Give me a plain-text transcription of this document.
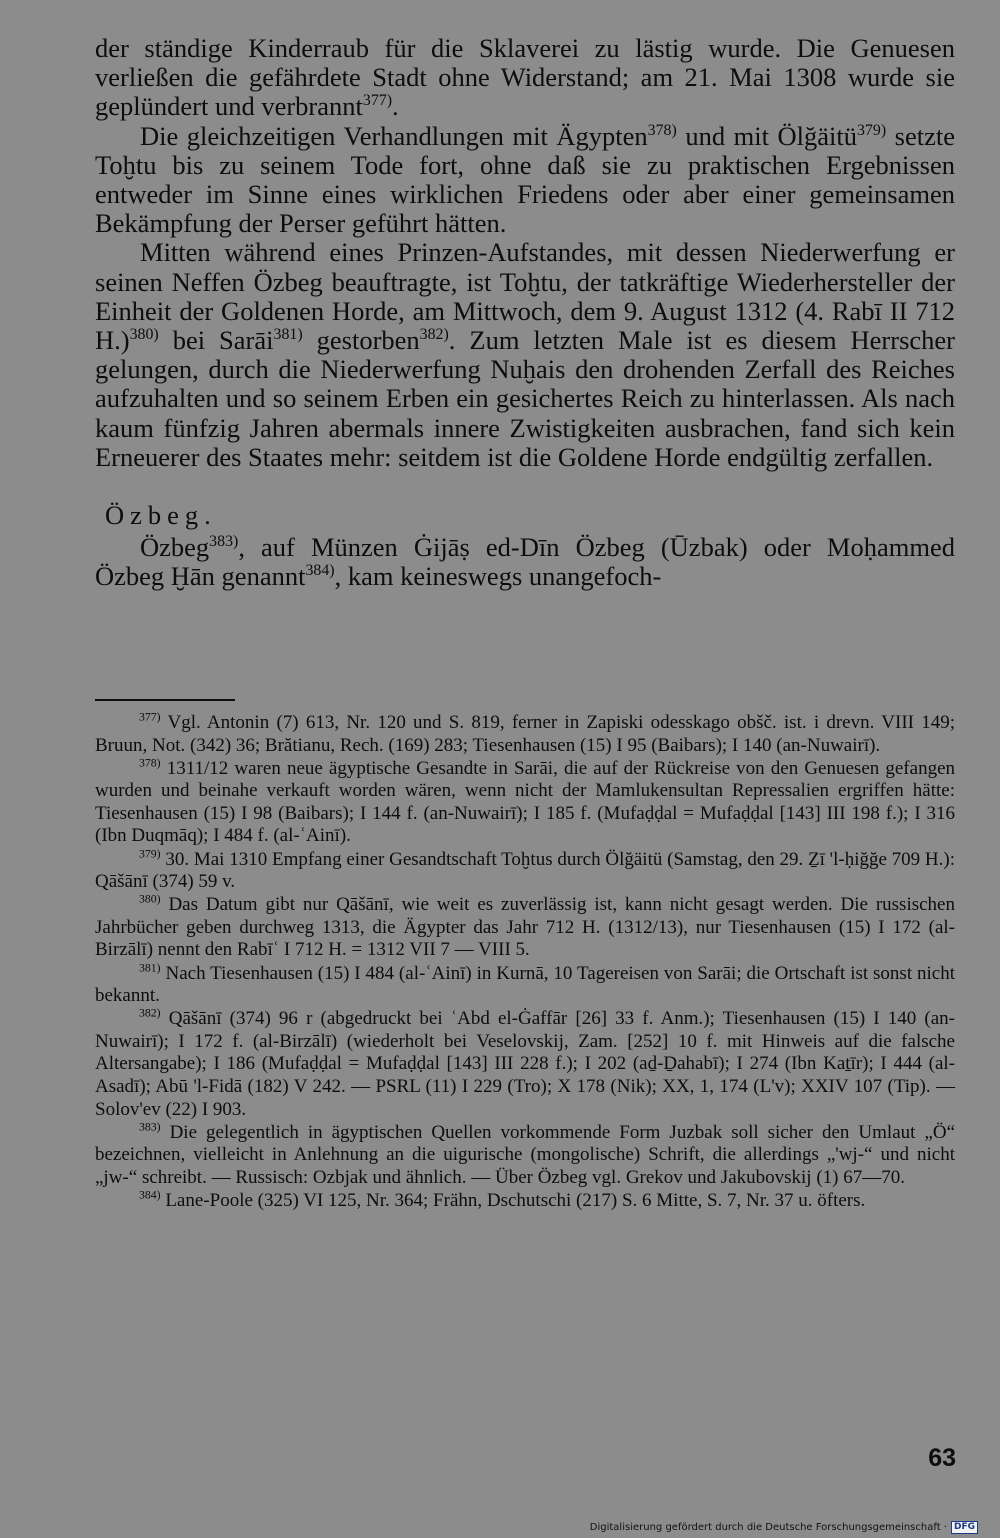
der ständige Kinderraub für die Sklaverei zu lästig wurde. Die Genuesen verließen die gefährdete Stadt ohne Widerstand; am 21. Mai 1308 wurde sie geplündert und verbrannt$^{377)}$.

Die gleichzeitigen Verhandlungen mit Ägypten$^{378)}$ und mit Ölğäitü$^{379)}$ setzte Toḫtu bis zu seinem Tode fort, ohne daß sie zu praktischen Ergebnissen entweder im Sinne eines wirklichen Friedens oder aber einer gemeinsamen Bekämpfung der Perser geführt hätten.

Mitten während eines Prinzen-Aufstandes, mit dessen Niederwerfung er seinen Neffen Özbeg beauftragte, ist Toḫtu, der tatkräftige Wiederhersteller der Einheit der Goldenen Horde, am Mittwoch, dem 9. August 1312 (4. Rabī II 712 H.)$^{380)}$ bei Sarāi$^{381)}$ gestorben$^{382)}$. Zum letzten Male ist es diesem Herrscher gelungen, durch die Niederwerfung Nuḫais den drohenden Zerfall des Reiches aufzuhalten und so seinem Erben ein gesichertes Reich zu hinterlassen. Als nach kaum fünfzig Jahren abermals innere Zwistigkeiten ausbrachen, fand sich kein Erneuerer des Staates mehr: seitdem ist die Goldene Horde endgültig zerfallen.

Özbeg.

Özbeg$^{383)}$, auf Münzen Ġijāṣ ed-Dīn Özbeg (Ūzbak) oder Moḥammed Özbeg Ḫān genannt$^{384)}$, kam keineswegs unangefoch-

$^{377)}$ Vgl. Antonin (7) 613, Nr. 120 und S. 819, ferner in Zapiski odesskago obšč. ist. i drevn. VIII 149; Bruun, Not. (342) 36; Brătianu, Rech. (169) 283; Tiesenhausen (15) I 95 (Baibars); I 140 (an-Nuwairī).

$^{378)}$ 1311/12 waren neue ägyptische Gesandte in Sarāi, die auf der Rückreise von den Genuesen gefangen wurden und beinahe verkauft worden wären, wenn nicht der Mamlukensultan Repressalien ergriffen hätte: Tiesenhausen (15) I 98 (Baibars); I 144 f. (an-Nuwairī); I 185 f. (Mufaḍḍal = Mufaḍḍal [143] III 198 f.); I 316 (Ibn Duqmāq); I 484 f. (al-ʿAinī).

$^{379)}$ 30. Mai 1310 Empfang einer Gesandtschaft Toḫtus durch Ölğäitü (Samstag, den 29. Ẕī 'l-ḥiğğe 709 H.): Qāšānī (374) 59 v.

$^{380)}$ Das Datum gibt nur Qāšānī, wie weit es zuverlässig ist, kann nicht gesagt werden. Die russischen Jahrbücher geben durchweg 1313, die Ägypter das Jahr 712 H. (1312/13), nur Tiesenhausen (15) I 172 (al-Birzālī) nennt den Rabīʿ I 712 H. = 1312 VII 7 — VIII 5.

$^{381)}$ Nach Tiesenhausen (15) I 484 (al-ʿAinī) in Kurnā, 10 Tagereisen von Sarāi; die Ortschaft ist sonst nicht bekannt.

$^{382)}$ Qāšānī (374) 96 r (abgedruckt bei ʿAbd el-Ġaffār [26] 33 f. Anm.); Tiesenhausen (15) I 140 (an-Nuwairī); I 172 f. (al-Birzālī) (wiederholt bei Veselovskij, Zam. [252] 10 f. mit Hinweis auf die falsche Altersangabe); I 186 (Mufaḍḍal = Mufaḍḍal [143] III 228 f.); I 202 (aḏ-Ḏahabī); I 274 (Ibn Kaṯīr); I 444 (al-Asadī); Abū 'l-Fidā (182) V 242. — PSRL (11) I 229 (Tro); X 178 (Nik); XX, 1, 174 (L'v); XXIV 107 (Tip). — Solov'ev (22) I 903.

$^{383)}$ Die gelegentlich in ägyptischen Quellen vorkommende Form Juzbak soll sicher den Umlaut „Ö“ bezeichnen, vielleicht in Anlehnung an die uigurische (mongolische) Schrift, die allerdings „'wj-“ und nicht „jw-“ schreibt. — Russisch: Ozbjak und ähnlich. — Über Özbeg vgl. Grekov und Jakubovskij (1) 67—70.

$^{384)}$ Lane-Poole (325) VI 125, Nr. 364; Frähn, Dschutschi (217) S. 6 Mitte, S. 7, Nr. 37 u. öfters.

63
Digitalisierung gefördert durch die Deutsche Forschungsgemeinschaft · DFG
